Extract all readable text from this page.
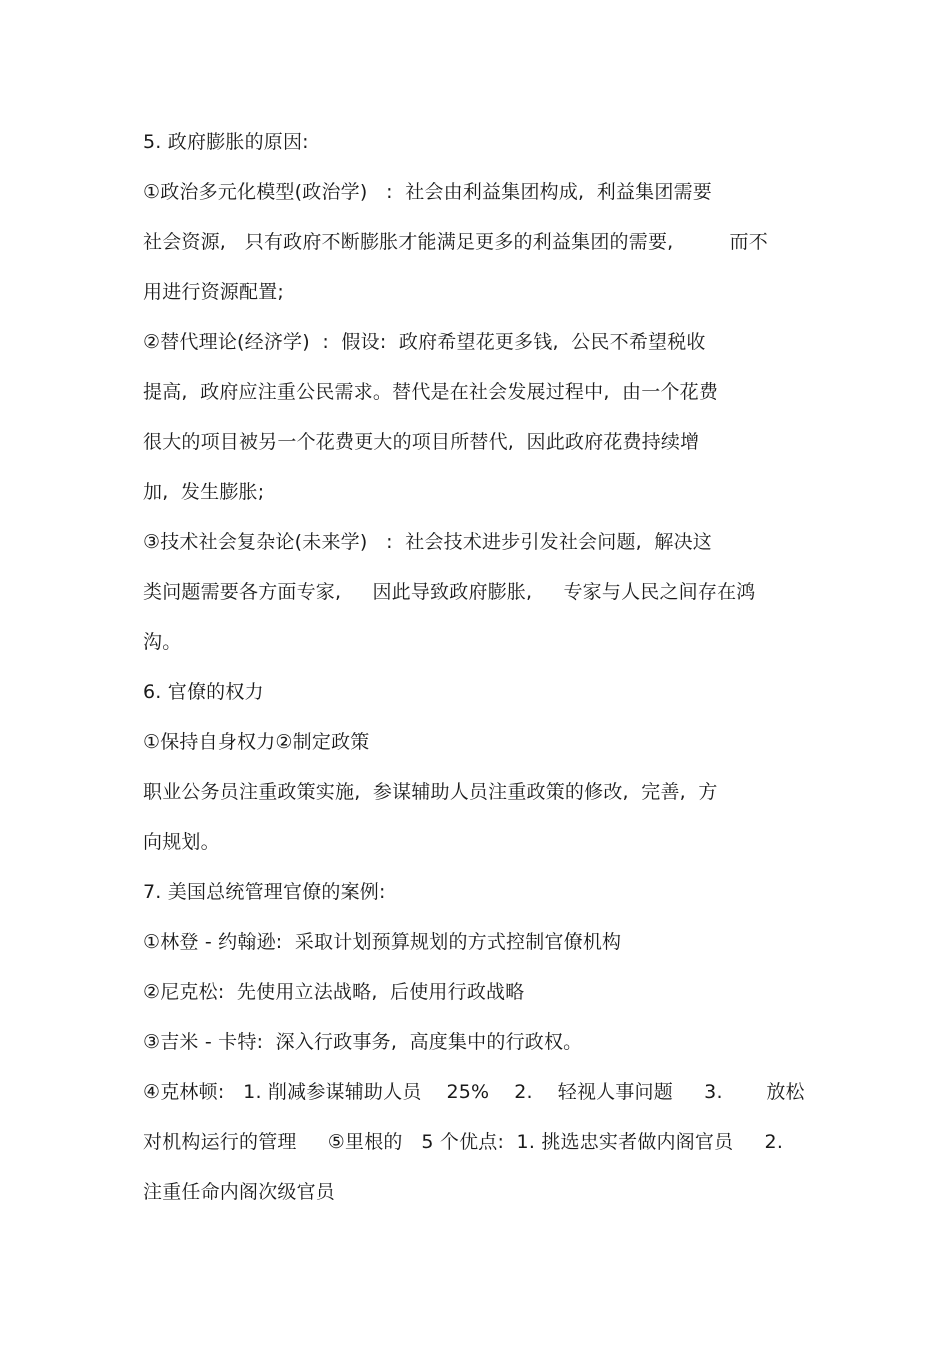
5. 政府膨胀的原因:
①政治多元化模型(政治学)   :  社会由利益集团构成,  利益集团需要
社会资源,   只有政府不断膨胀才能满足更多的利益集团的需要,         而不
用进行资源配置;
②替代理论(经济学)  :  假设:  政府希望花更多钱,  公民不希望税收
提高,  政府应注重公民需求。替代是在社会发展过程中,  由一个花费
很大的项目被另一个花费更大的项目所替代,  因此政府花费持续增
加,  发生膨胀;
③技术社会复杂论(未来学)   :  社会技术进步引发社会问题,  解决这
类问题需要各方面专家,     因此导致政府膨胀,     专家与人民之间存在鸿
沟。
6. 官僚的权力
①保持自身权力②制定政策
职业公务员注重政策实施,  参谋辅助人员注重政策的修改,  完善,  方
向规划。
7. 美国总统管理官僚的案例:
①林登 - 约翰逊:  采取计划预算规划的方式控制官僚机构
②尼克松:  先使用立法战略,  后使用行政战略
③吉米 - 卡特:  深入行政事务,  高度集中的行政权。
④克林顿:   1. 削减参谋辅助人员    25%    2.    轻视人事问题     3.       放松
对机构运行的管理     ⑤里根的   5 个优点:  1. 挑选忠实者做内阁官员     2.
注重任命内阁次级官员
